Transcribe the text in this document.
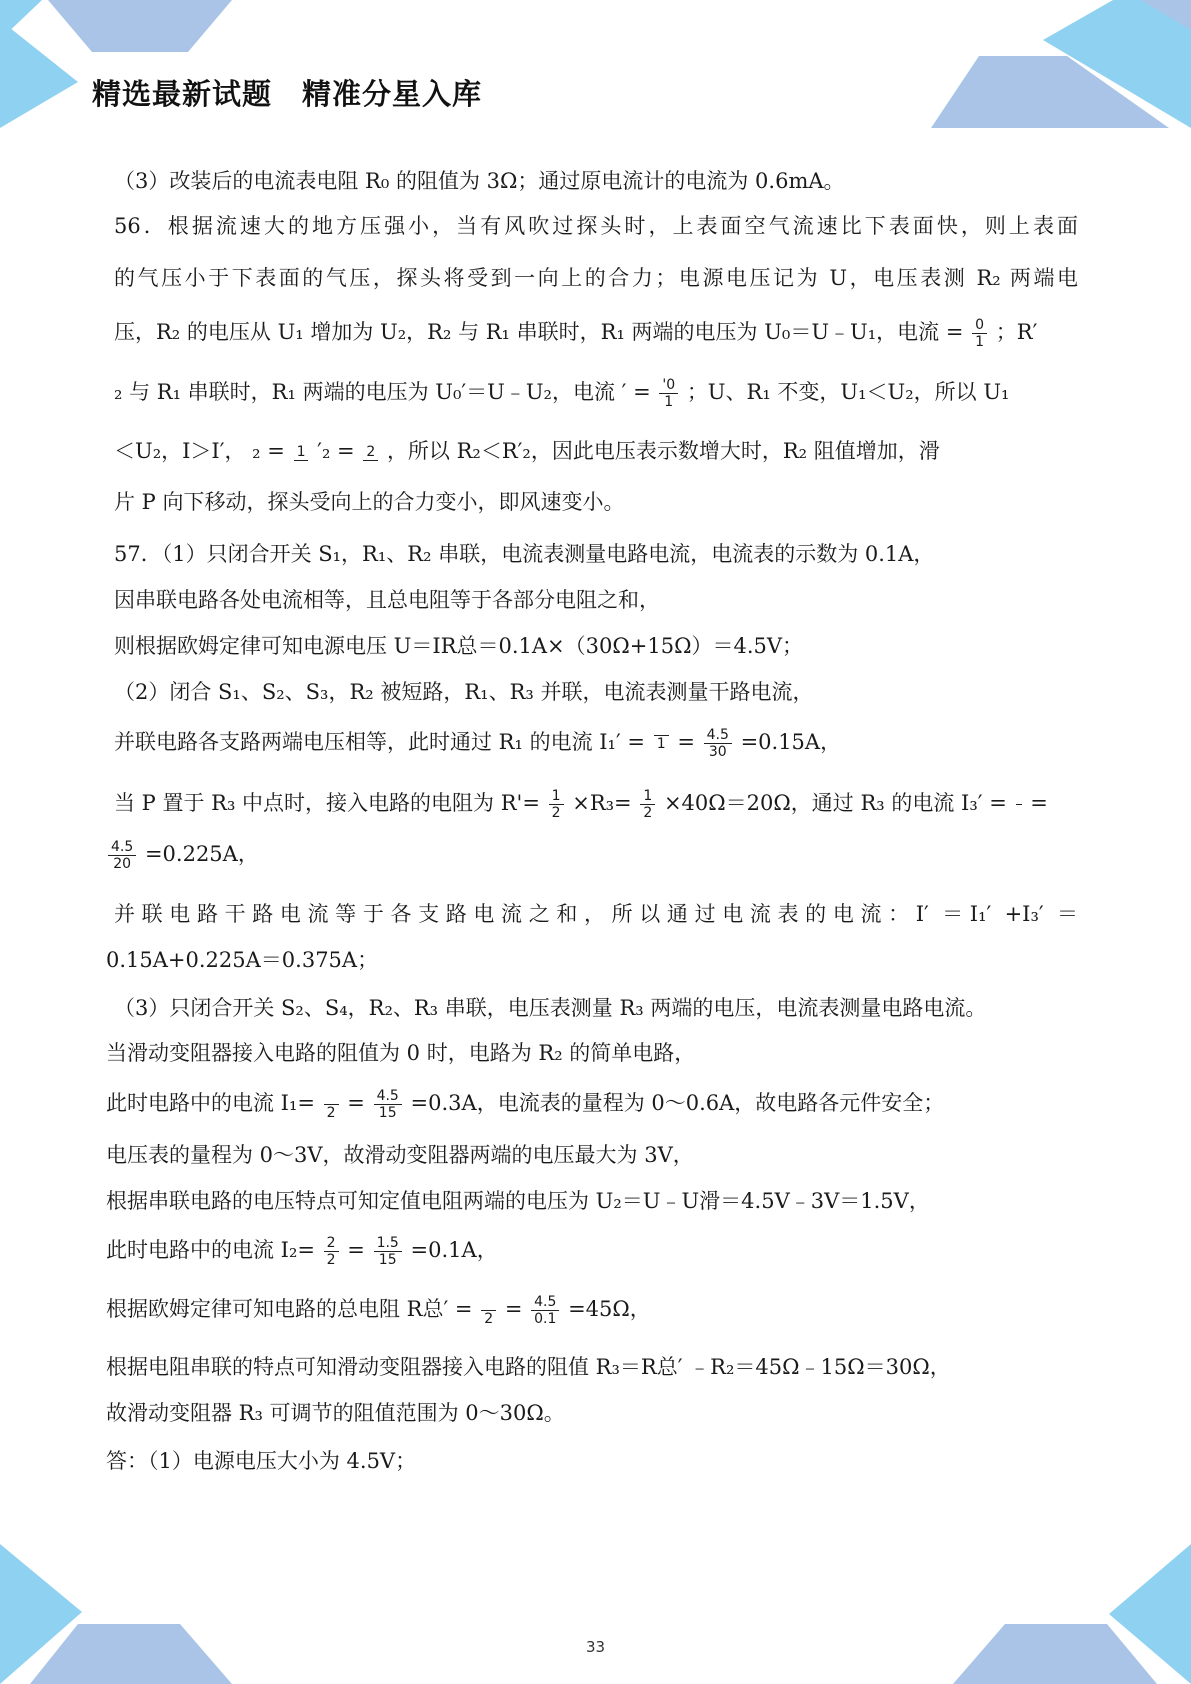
精选最新试题　精准分星入库
（3）改装后的电流表电阻 R₀ 的阻值为 3Ω；通过原电流计的电流为 0.6mA。
56．根据流速大的地方压强小，当有风吹过探头时，上表面空气流速比下表面快，则上表面
的气压小于下表面的气压，探头将受到一向上的合力；电源电压记为 U，电压表测 R₂ 两端电
压，R₂ 的电压从 U₁ 增加为 U₂，R₂ 与 R₁ 串联时，R₁ 两端的电压为 U₀＝U﹣U₁，电流 = $\frac{0}{1}$ ；R′
₂ 与 R₁ 串联时，R₁ 两端的电压为 U₀′＝U﹣U₂，电流 ′ = $\frac{'0}{1}$ ；U、R₁ 不变，U₁＜U₂，所以 U₁
＜U₂，I＞I′， ₂ = 1 ′₂ = 2 ，所以 R₂＜R′₂，因此电压表示数增大时，R₂ 阻值增加，滑
片 P 向下移动，探头受向上的合力变小，即风速变小。
57．（1）只闭合开关 S₁，R₁、R₂ 串联，电流表测量电路电流，电流表的示数为 0.1A，
因串联电路各处电流相等，且总电阻等于各部分电阻之和，
则根据欧姆定律可知电源电压 U＝IR总＝0.1A×（30Ω+15Ω）＝4.5V；
（2）闭合 S₁、S₂、S₃，R₂ 被短路，R₁、R₃ 并联，电流表测量干路电流，
并联电路各支路两端电压相等，此时通过 R₁ 的电流 $I_1' = 1 = \frac{4.5}{30} =0.15A$，
当 P 置于 R₃ 中点时，接入电路的电阻为 $R'= \frac{1}{2} \times R_3= \frac{1}{2} \times 40\Omega=20\Omega$，通过 R₃ 的电流 I₃′ = =
$\frac{4.5}{20} =0.225A$，
并联电路干路电流等于各支路电流之和，所以通过电流表的电流：I′ ＝I₁′ +I₃′ ＝
0.15A+0.225A＝0.375A；
（3）只闭合开关 S₂、S₄，R₂、R₃ 串联，电压表测量 R₃ 两端的电压，电流表测量电路电流。
当滑动变阻器接入电路的阻值为 0 时，电路为 R₂ 的简单电路，
此时电路中的电流 $I_1= 2 = \frac{4.5}{15} =0.3A$，电流表的量程为 0～0.6A，故电路各元件安全；
电压表的量程为 0～3V，故滑动变阻器两端的电压最大为 3V，
根据串联电路的电压特点可知定值电阻两端的电压为 U₂＝U﹣U滑＝4.5V﹣3V＝1.5V，
此时电路中的电流 $I_2= \frac{2}{2} = \frac{1.5}{15} =0.1A$，
根据欧姆定律可知电路的总电阻 R总′ = $2 = \frac{4.5}{0.1} =45\Omega$，
根据电阻串联的特点可知滑动变阻器接入电路的阻值 R₃＝R总′ ﹣R₂＝45Ω﹣15Ω＝30Ω，
故滑动变阻器 R₃ 可调节的阻值范围为 0～30Ω。
答：（1）电源电压大小为 4.5V；
33
